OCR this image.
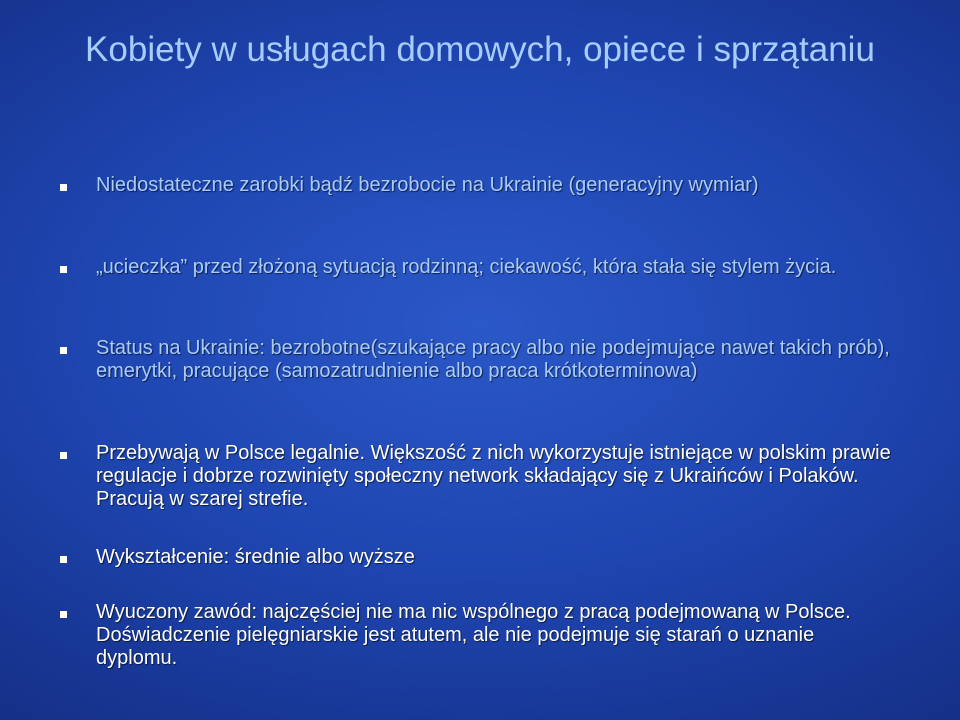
Kobiety w usługach domowych, opiece i sprzątaniu
Niedostateczne zarobki bądź bezrobocie na Ukrainie (generacyjny wymiar)
„ucieczka” przed złożoną sytuacją rodzinną; ciekawość, która stała się stylem życia.
Status na Ukrainie: bezrobotne(szukające pracy albo nie podejmujące nawet takich prób), emerytki, pracujące (samozatrudnienie albo praca krótkoterminowa)
Przebywają w Polsce legalnie. Większość z nich wykorzystuje istniejące w polskim prawie regulacje i dobrze rozwinięty społeczny network składający się z Ukraińców i Polaków. Pracują w szarej strefie.
Wykształcenie: średnie albo wyższe
Wyuczony zawód: najczęściej nie ma nic wspólnego z pracą podejmowaną w Polsce. Doświadczenie pielęgniarskie jest atutem, ale nie podejmuje się starań o uznanie dyplomu.
